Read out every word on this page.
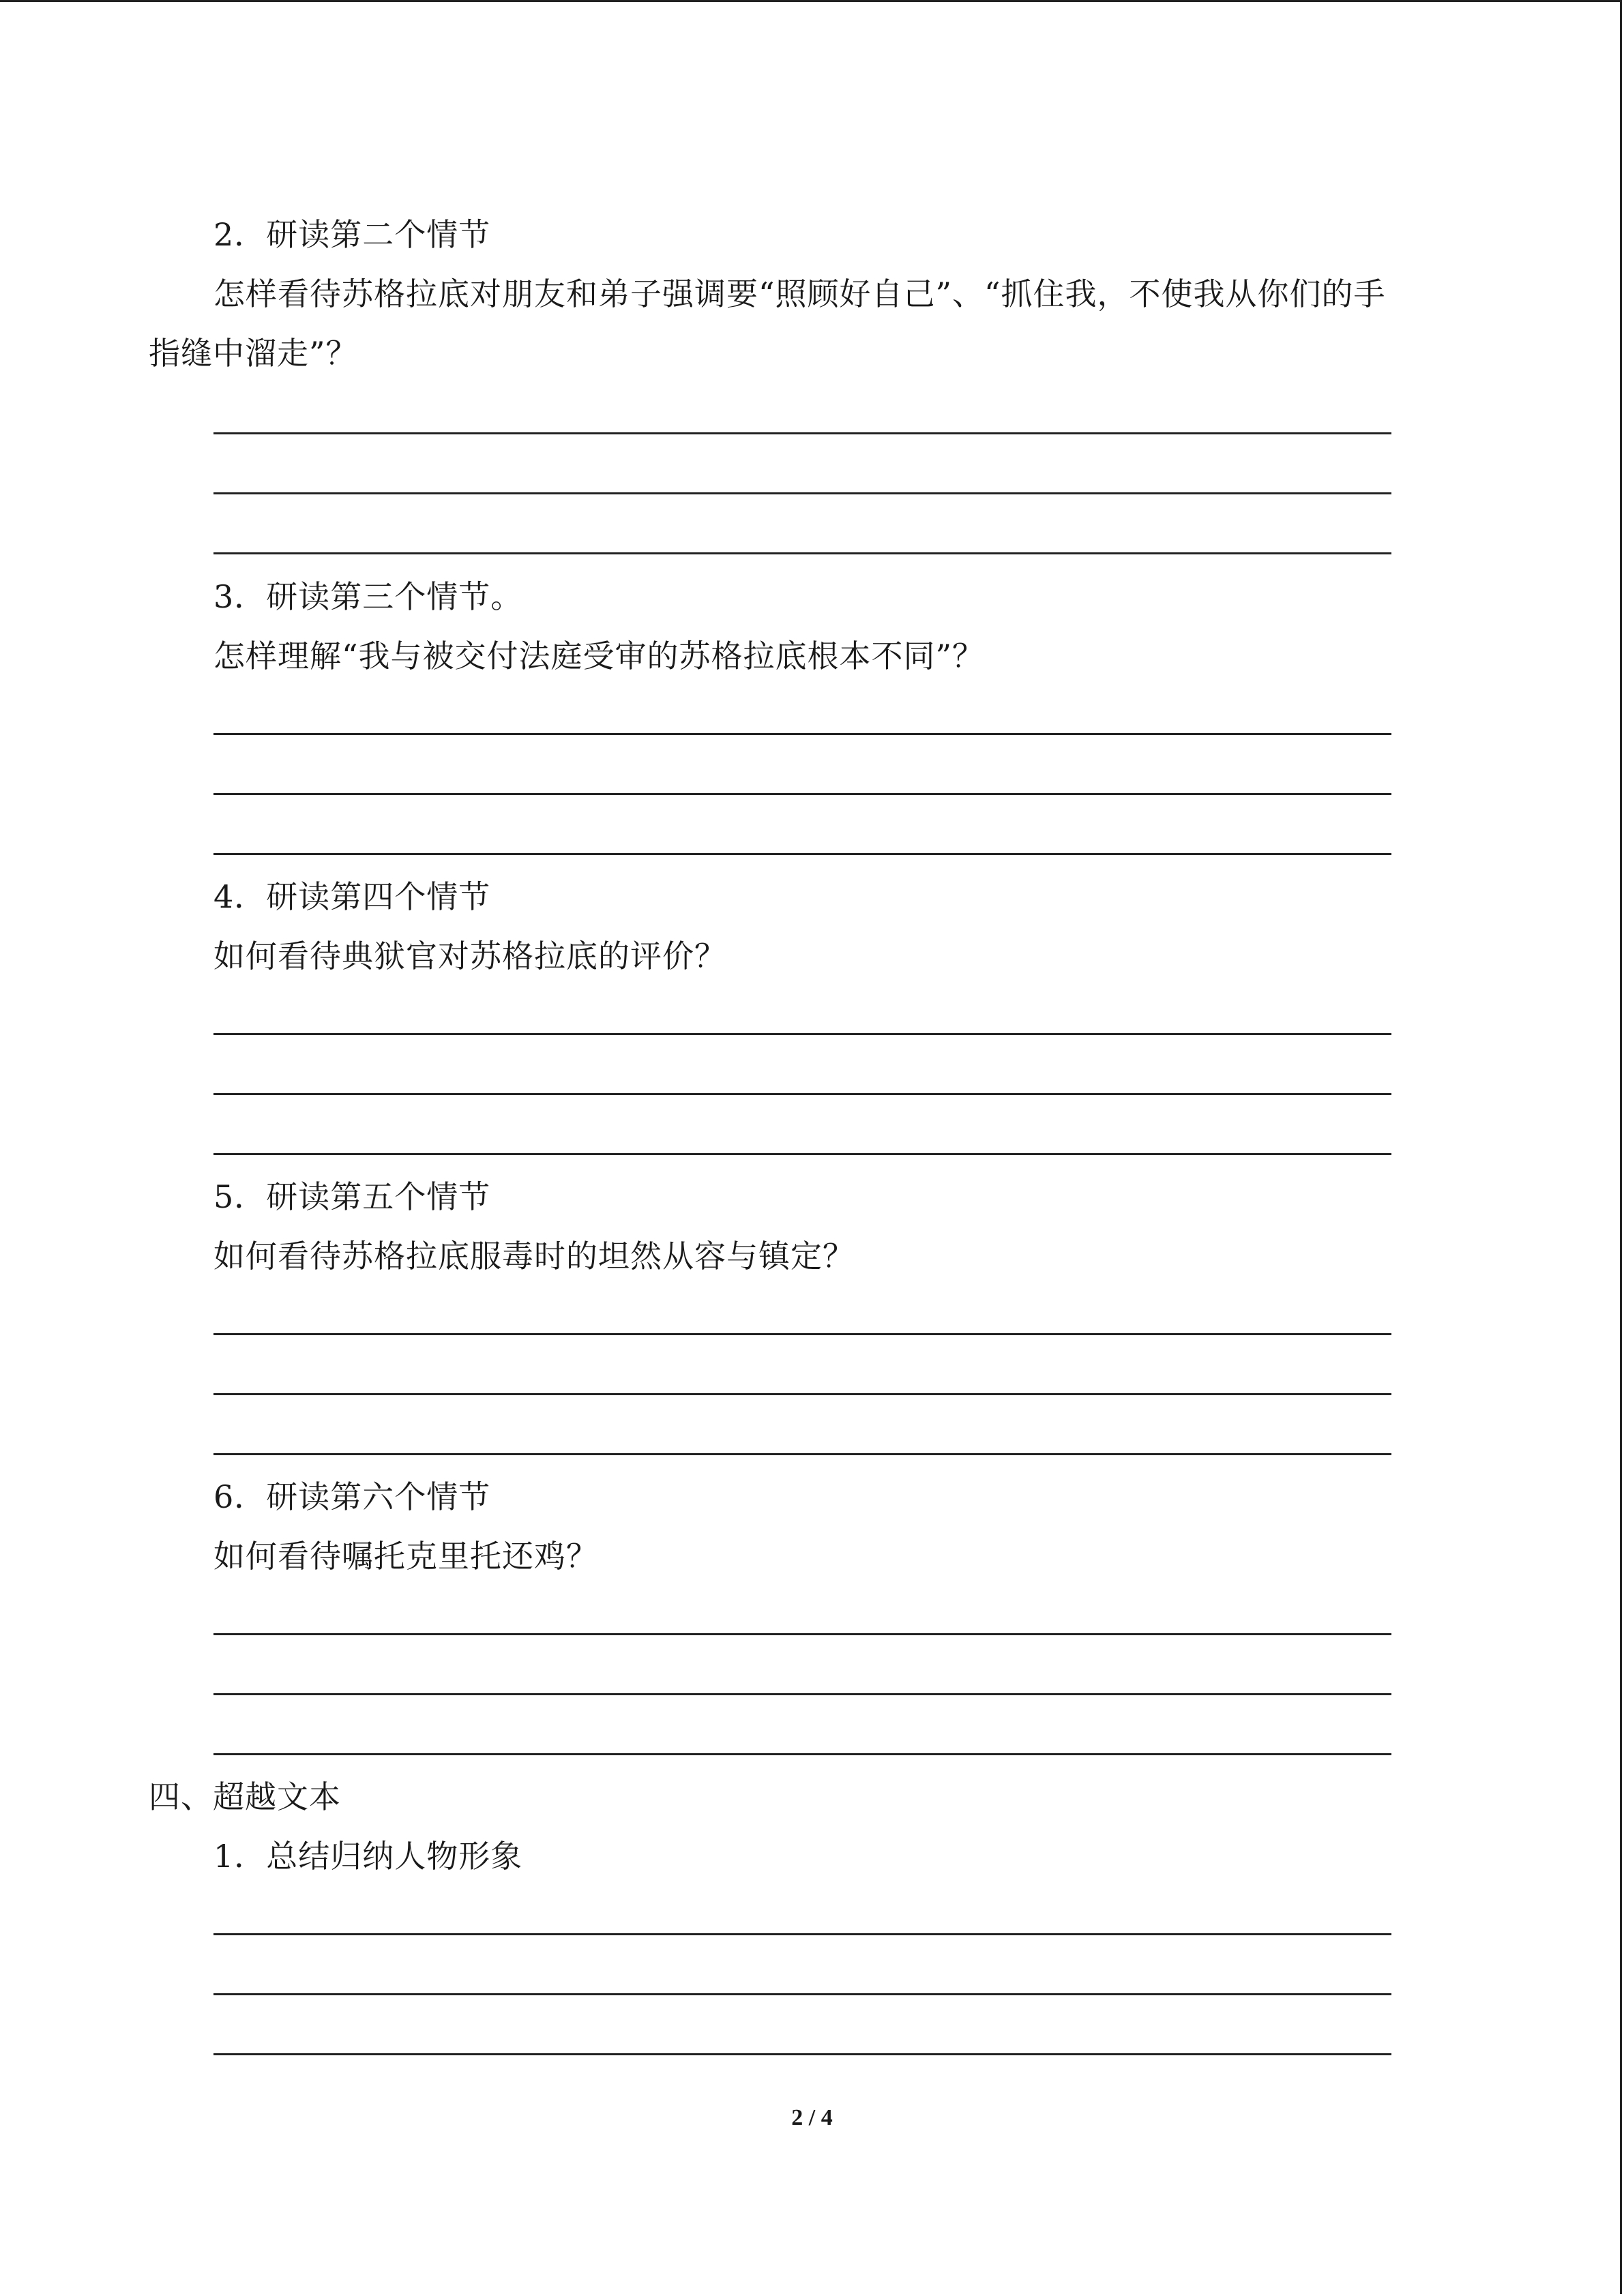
2．研读第二个情节
怎样看待苏格拉底对朋友和弟子强调要“照顾好自己”、“抓住我，不使我从你们的手
指缝中溜走”？
3．研读第三个情节。
怎样理解“我与被交付法庭受审的苏格拉底根本不同”？
4．研读第四个情节
如何看待典狱官对苏格拉底的评价？
5．研读第五个情节
如何看待苏格拉底服毒时的坦然从容与镇定？
6．研读第六个情节
如何看待嘱托克里托还鸡？
四、超越文本
1．总结归纳人物形象
2 / 4
